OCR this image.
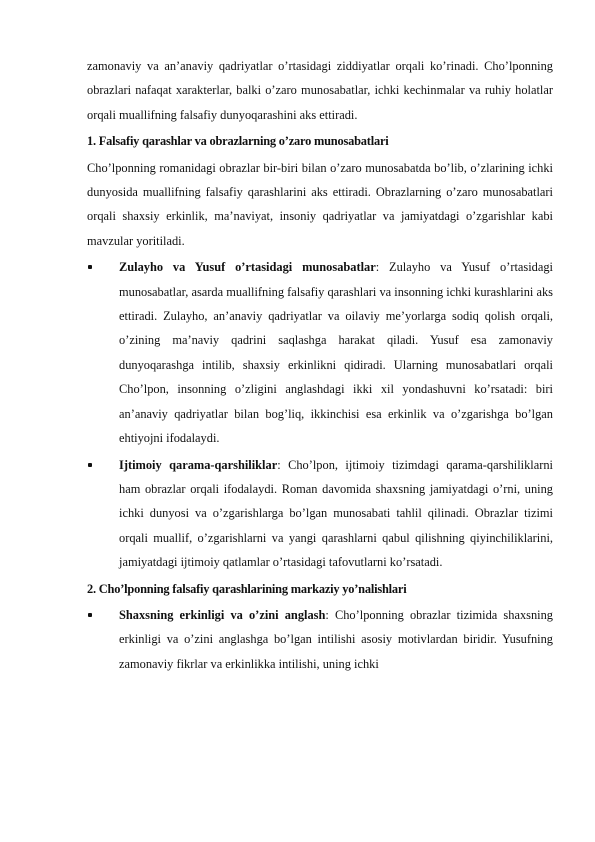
zamonaviy va an’anaviy qadriyatlar o’rtasidagi ziddiyatlar orqali ko’rinadi. Cho’lponning obrazlari nafaqat xarakterlar, balki o’zaro munosabatlar, ichki kechinmalar va ruhiy holatlar orqali muallifning falsafiy dunyoqarashini aks ettiradi.

1. Falsafiy qarashlar va obrazlarning o’zaro munosabatlari

Cho’lponning romanidagi obrazlar bir-biri bilan o’zaro munosabatda bo’lib, o’zlarining ichki dunyosida muallifning falsafiy qarashlarini aks ettiradi. Obrazlarning o’zaro munosabatlari orqali shaxsiy erkinlik, ma’naviyat, insoniy qadriyatlar va jamiyatdagi o’zgarishlar kabi mavzular yoritiladi.

Zulayho va Yusuf o’rtasidagi munosabatlar: Zulayho va Yusuf o’rtasidagi munosabatlar, asarda muallifning falsafiy qarashlari va insonning ichki kurashlarini aks ettiradi. Zulayho, an’anaviy qadriyatlar va oilaviy me’yorlarga sodiq qolish orqali, o’zining ma’naviy qadrini saqlashga harakat qiladi. Yusuf esa zamonaviy dunyoqarashga intilib, shaxsiy erkinlikni qidiradi. Ularning munosabatlari orqali Cho’lpon, insonning o’zligini anglashdagi ikki xil yondashuvni ko’rsatadi: biri an’anaviy qadriyatlar bilan bog’liq, ikkinchisi esa erkinlik va o’zgarishga bo’lgan ehtiyojni ifodalaydi.
Ijtimoiy qarama-qarshiliklar: Cho’lpon, ijtimoiy tizimdagi qarama-qarshiliklarni ham obrazlar orqali ifodalaydi. Roman davomida shaxsning jamiyatdagi o’rni, uning ichki dunyosi va o’zgarishlarga bo’lgan munosabati tahlil qilinadi. Obrazlar tizimi orqali muallif, o’zgarishlarni va yangi qarashlarni qabul qilishning qiyinchiliklarini, jamiyatdagi ijtimoiy qatlamlar o’rtasidagi tafovutlarni ko’rsatadi.
2. Cho’lponning falsafiy qarashlarining markaziy yo’nalishlari
Shaxsning erkinligi va o’zini anglash: Cho’lponning obrazlar tizimida shaxsning erkinligi va o’zini anglashga bo’lgan intilishi asosiy motivlardan biridir. Yusufning zamonaviy fikrlar va erkinlikka intilishi, uning ichki
